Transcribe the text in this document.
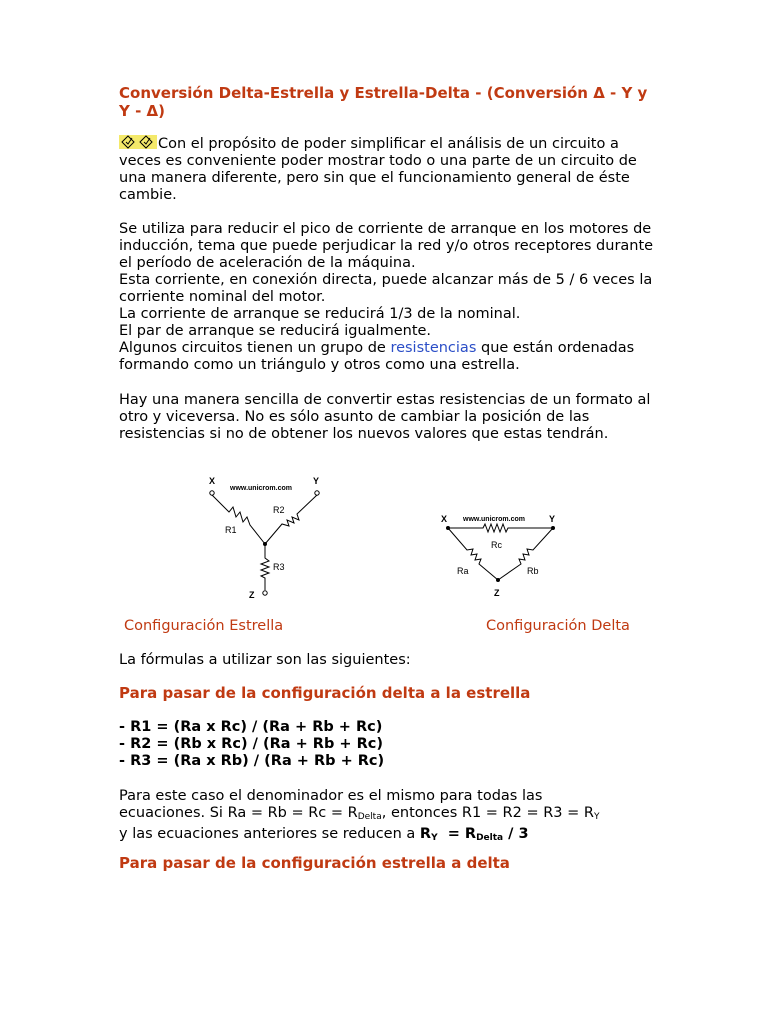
Conversión Delta-Estrella y Estrella-Delta - (Conversión Δ - Υ y Υ - Δ)
Con el propósito de poder simplificar el análisis de un circuito a veces es conveniente poder mostrar todo o una parte de un circuito de una manera diferente, pero sin que el funcionamiento general de éste cambie.
Se utiliza para reducir el pico de corriente de arranque en los motores de inducción, tema que puede perjudicar la red y/o otros receptores durante el período de aceleración de la máquina.
Esta corriente, en conexión directa, puede alcanzar más de 5 / 6 veces la corriente nominal del motor.
La corriente de arranque se reducirá 1/3 de la nominal.
El par de arranque se reducirá igualmente.
Algunos circuitos tienen un grupo de resistencias que están ordenadas formando como un triángulo y otros como una estrella.
Hay una manera sencilla de convertir estas resistencias de un formato al otro y viceversa. No es sólo asunto de cambiar la posición de las resistencias si no de obtener los nuevos valores que estas tendrán.
X
www.unicrom.com
Y
R1
R2
R3
Z
X www.unicrom.com	Y
Rc
Ra	Rb
Z
Configuración Estrella	Configuración Delta
La fórmulas a utilizar son las siguientes:
Para pasar de la configuración delta a la estrella
- R1 = (Ra x Rc) / (Ra + Rb + Rc)
- R2 = (Rb x Rc) / (Ra + Rb + Rc)
- R3 = (Ra x Rb) / (Ra + Rb + Rc)
Para este caso el denominador es el mismo para todas las
ecuaciones. Si $Ra = Rb = Rc = R_{Delta}$, entonces $R1 = R2 = R3 = R_Y$
y las ecuaciones anteriores se reducen a $R_Y = R_{Delta} / 3$
Para pasar de la configuración estrella a delta
